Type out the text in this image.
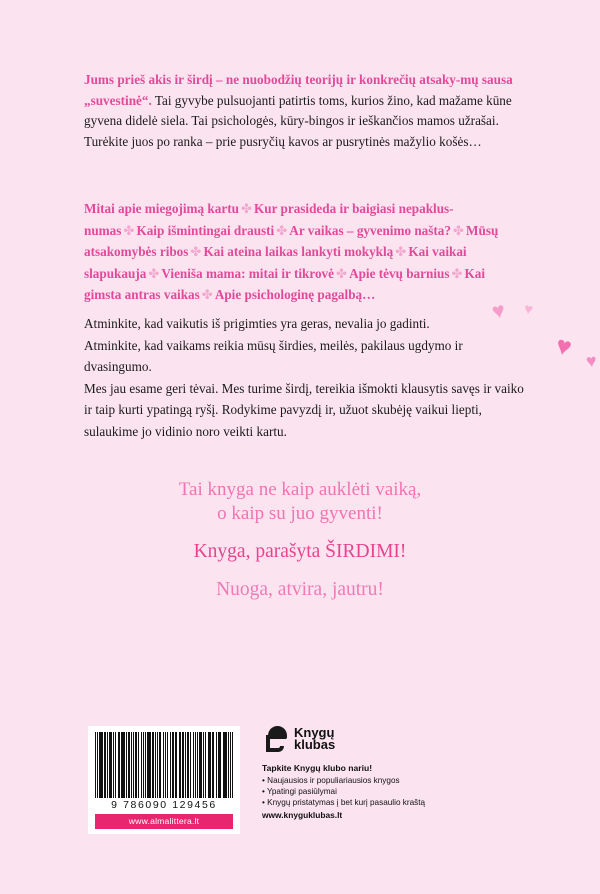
Jums prieš akis ir širdį – ne nuobodžių teorijų ir konkrečių atsaky-mų sausa „suvestinė“. Tai gyvybe pulsuojanti patirtis toms, kurios žino, kad mažame kūne gyvena didelė siela. Tai psichologės, kūry-bingos ir ieškančios mamos užrašai. Turėkite juos po ranka – prie pusryčių kavos ar pusrytinės mažylio košės…
Mitai apie miegojimą kartu ✤ Kur prasideda ir baigiasi nepaklus-numas ✤ Kaip išmintingai drausti ✤ Ar vaikas – gyvenimo našta? ✤ Mūsų atsakomybės ribos ✤ Kai ateina laikas lankyti mokyklą ✤ Kai vaikai slapukauja ✤ Vieniša mama: mitai ir tikrovė ✤ Apie tėvų barnius ✤ Kai gimsta antras vaikas ✤ Apie psichologinę pagalbą…
♥ ♥
♥ ♥

Atminkite, kad vaikutis iš prigimties yra geras, nevalia jo gadinti.

Atminkite, kad vaikams reikia mūsų širdies, meilės, pakilaus ugdymo ir dvasingumo.

Mes jau esame geri tėvai. Mes turime širdį, tereikia išmokti klausytis savęs ir vaiko ir taip kurti ypatingą ryšį. Rodykime pavyzdį ir, užuot skubėję vaikui liepti, sulaukime jo vidinio noro veikti kartu.

Tai knyga ne kaip auklėti vaiką,
o kaip su juo gyventi!
Knyga, parašyta ŠIRDIMI!
Nuoga, atvira, jautru!
9 786090 129456
www.almalittera.lt
Knygų
klubas
Tapkite Knygų klubo nariu!
• Naujausios ir populiariausios knygos
• Ypatingi pasiūlymai
• Knygų pristatymas į bet kurį pasaulio kraštą
www.knyguklubas.lt
